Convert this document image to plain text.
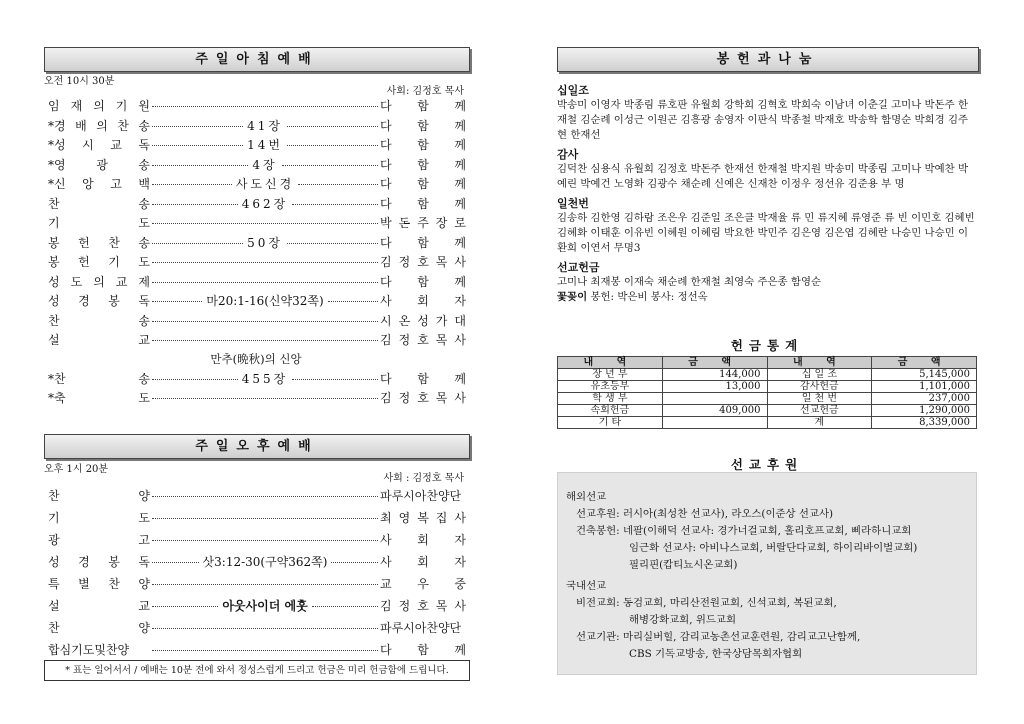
주일아침예배
오전 10시 30분
사회: 김정호 목사
임 재 의 기 원	다 함 께
*경 배 의 찬 송	41장	다 함 께
*성 시 교 독	14번	다 함 께
*영	광	송	4장	다 함 께
*신 앙 고 백	사도신경	다 함 께
찬	송	462장	다 함 께
기	도	박 돈 주 장 로
봉 헌 찬 송	50장	다 함 께
봉 헌 기 도	김 정 호 목 사
성 도 의 교 제	다 함 께
성 경 봉 독	마20:1-16(신약32쪽)	사 회 자
찬	송	시 온 성 가 대
설	교	김 정 호 목 사
만추(晩秋)의 신앙
*찬	송	455장	다 함 께
*축	도	김 정 호 목 사
주일오후예배
오후 1시 20분
사회 : 김정호 목사
찬	양	파루시아찬양단
기	도	최 영 복 집 사
광	고	사 회 자
성 경 봉 독	삿3:12-30(구약362쪽)	사 회 자
특 별 찬 양	교 우 중
설	교	아웃사이더 에훗	김 정 호 목 사
찬	양	파루시아찬양단
합심기도및찬양	다 함 께
* 표는 일어서서 / 예배는 10분 전에 와서 정성스럽게 드리고 헌금은 미리 헌금함에 드립니다.
봉헌과나눔
십일조
박송미 이영자 박종림 류호판 유월희 강학희 김혁호 박희숙 이남녀 이춘길 고미나 박돈주 한재철 김순례 이성근 이원곤 김흥광 송영자 이판식 박종철 박재호 박송학 함명순 박희경 김주현 한재선
감사
김덕찬 심용식 유월희 김정호 박돈주 한재선 한재철 박지원 박송미 박종림 고미나 박예찬 박예린 박예건 노영화 김광수 채순례 신예은 신재찬 이정우 정선유 김준용 부 명
일천번
김송하 김한영 김하람 조은우 김준일 조은클 박재율 류 민 류지혜 류영준 류 빈 이민호 김혜빈 김혜화 이태훈 이유빈 이혜원 이혜림 박요한 박민주 김은영 김은엽 김혜란 나승민 나승민 이환희 이연서 무명3
선교헌금
고미나 최재봉 이재숙 채순례 한재철 최영숙 주은종 함영순
꽃꽂이 봉헌: 박은비 봉사: 정선옥
헌금통계
내 역	금 액	내 역	금 액
장 년 부	144,000	십 일 조	5,145,000
유초등부	13,000	감사헌금	1,101,000
학 생 부		일 천 번	237,000
속회헌금	409,000	선교헌금	1,290,000
기 타		계	8,339,000
선교후원
해외선교
선교후원: 러시아(최성찬 선교사), 라오스(이준상 선교사)
건축봉헌: 네팔(이해덕 선교사: 경가너걸교회, 홀리호프교회, 삐라하니교회
임근화 선교사: 아비나스교회, 버랄단다교회, 하이리바이벌교회)
필리핀(캅티뇨시온교회)
국내선교
비전교회: 동검교회, 마리산전원교회, 신석교회, 복된교회,
해병강화교회, 위드교회
선교기관: 마리실버힐, 감리교농촌선교훈련원, 감리교고난함께,
CBS 기독교방송, 한국상담목회자협회
